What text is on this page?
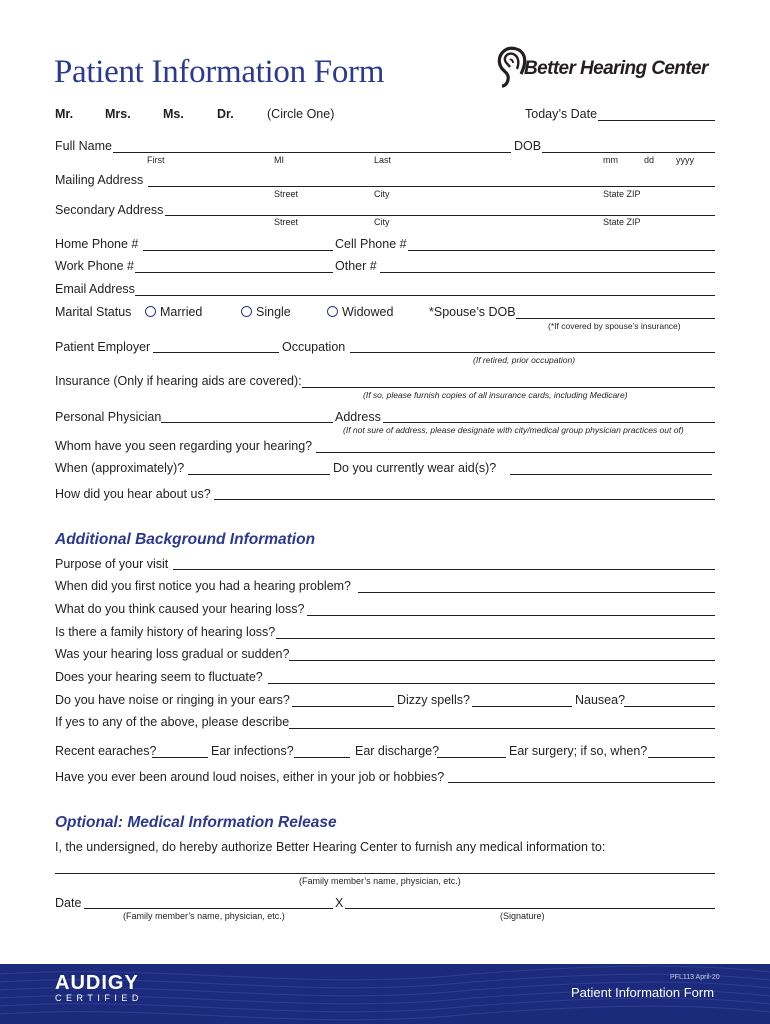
Patient Information Form	Better Hearing Center
Mr.	Mrs.	Ms.	Dr.	(Circle One)	Today’s Date
Full Name	DOB
First	MI	Last	mm	dd yyyy
Mailing Address
Street	City	State ZIP
Secondary Address
Street	City	State ZIP
Home Phone #	Cell Phone #
Work Phone #	Other #
Email Address
Marital Status	Married	Single	Widowed	*Spouse’s DOB
(*If covered by spouse’s insurance)
Patient Employer	Occupation
(If retired, prior occupation)
Insurance (Only if hearing aids are covered):
(If so, please furnish copies of all insurance cards, including Medicare)
Personal Physician	Address
(If not sure of address, please designate with city/medical group physician practices out of)
Whom have you seen regarding your hearing?
When (approximately)?	Do you currently wear aid(s)?
How did you hear about us?
Additional Background Information
Purpose of your visit
When did you first notice you had a hearing problem?
What do you think caused your hearing loss?
Is there a family history of hearing loss?
Was your hearing loss gradual or sudden?
Does your hearing seem to fluctuate?
Do you have noise or ringing in your ears?	Dizzy spells?	Nausea?
If yes to any of the above, please describe
Recent earaches?	Ear infections?	Ear discharge?	Ear surgery; if so, when?
Have you ever been around loud noises, either in your job or hobbies?
Optional: Medical Information Release
I, the undersigned, do hereby authorize Better Hearing Center to furnish any medical information to:
(Family member’s name, physician, etc.)
Date
(Family member’s name, physician, etc.)
X
(Signature)
AUDIGY
CERTIFIED
PFL113 April-20
Patient Information Form
